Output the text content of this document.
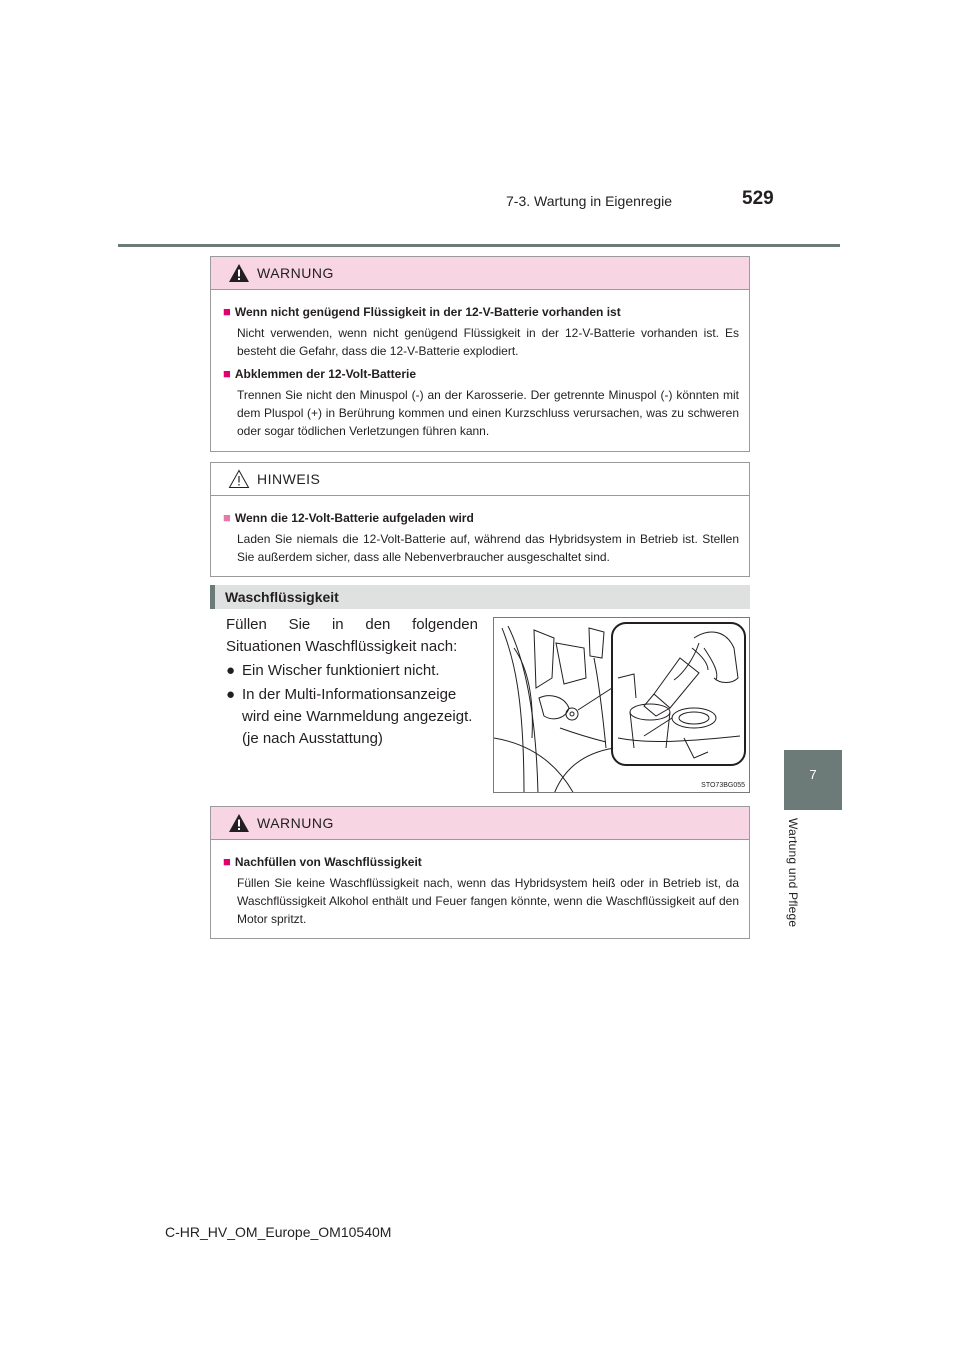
7-3. Wartung in Eigenregie	529
7
Wartung und Pflege
WARNUNG
■ Wenn nicht genügend Flüssigkeit in der 12-V-Batterie vorhanden ist
Nicht verwenden, wenn nicht genügend Flüssigkeit in der 12-V-Batterie vorhanden ist. Es besteht die Gefahr, dass die 12-V-Batterie explodiert.
■ Abklemmen der 12-Volt-Batterie
Trennen Sie nicht den Minuspol (-) an der Karosserie. Der getrennte Minuspol (-) könnten mit dem Pluspol (+) in Berührung kommen und einen Kurzschluss verursachen, was zu schweren oder sogar tödlichen Verletzungen führen kann.
HINWEIS
■ Wenn die 12-Volt-Batterie aufgeladen wird
Laden Sie niemals die 12-Volt-Batterie auf, während das Hybridsystem in Betrieb ist. Stellen Sie außerdem sicher, dass alle Nebenverbraucher ausgeschaltet sind.
Waschflüssigkeit
Füllen Sie in den folgenden Situationen Waschflüssigkeit nach:
● Ein Wischer funktioniert nicht.
● In der Multi-Informationsanzeige wird eine Warnmeldung angezeigt. (je nach Ausstattung)
STO73BG055
WARNUNG
■ Nachfüllen von Waschflüssigkeit
Füllen Sie keine Waschflüssigkeit nach, wenn das Hybridsystem heiß oder in Betrieb ist, da Waschflüssigkeit Alkohol enthält und Feuer fangen könnte, wenn die Waschflüssigkeit auf den Motor spritzt.
C-HR_HV_OM_Europe_OM10540M
